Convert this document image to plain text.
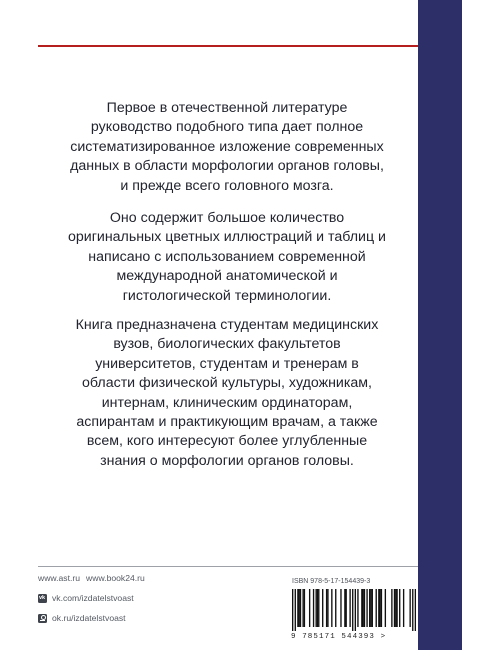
Первое в отечественной литературе
руководство подобного типа дает полное
систематизированное изложение современных
данных в области морфологии органов головы,
и прежде всего головного мозга.
Оно содержит большое количество
оригинальных цветных иллюстраций и таблиц и
написано с использованием современной
международной анатомической и
гистологической терминологии.
Книга предназначена студентам медицинских
вузов, биологических факультетов
университетов, студентам и тренерам в
области физической культуры, художникам,
интернам, клиническим ординаторам,
аспирантам и практикующим врачам, а также
всем, кого интересуют более углубленные
знания о морфологии органов головы.
www.ast.ru www.book24.ru
vk vk.com/izdatelstvoast
ok.ru/izdatelstvoast
ISBN 978-5-17-154439-3
9 785171 544393 >
